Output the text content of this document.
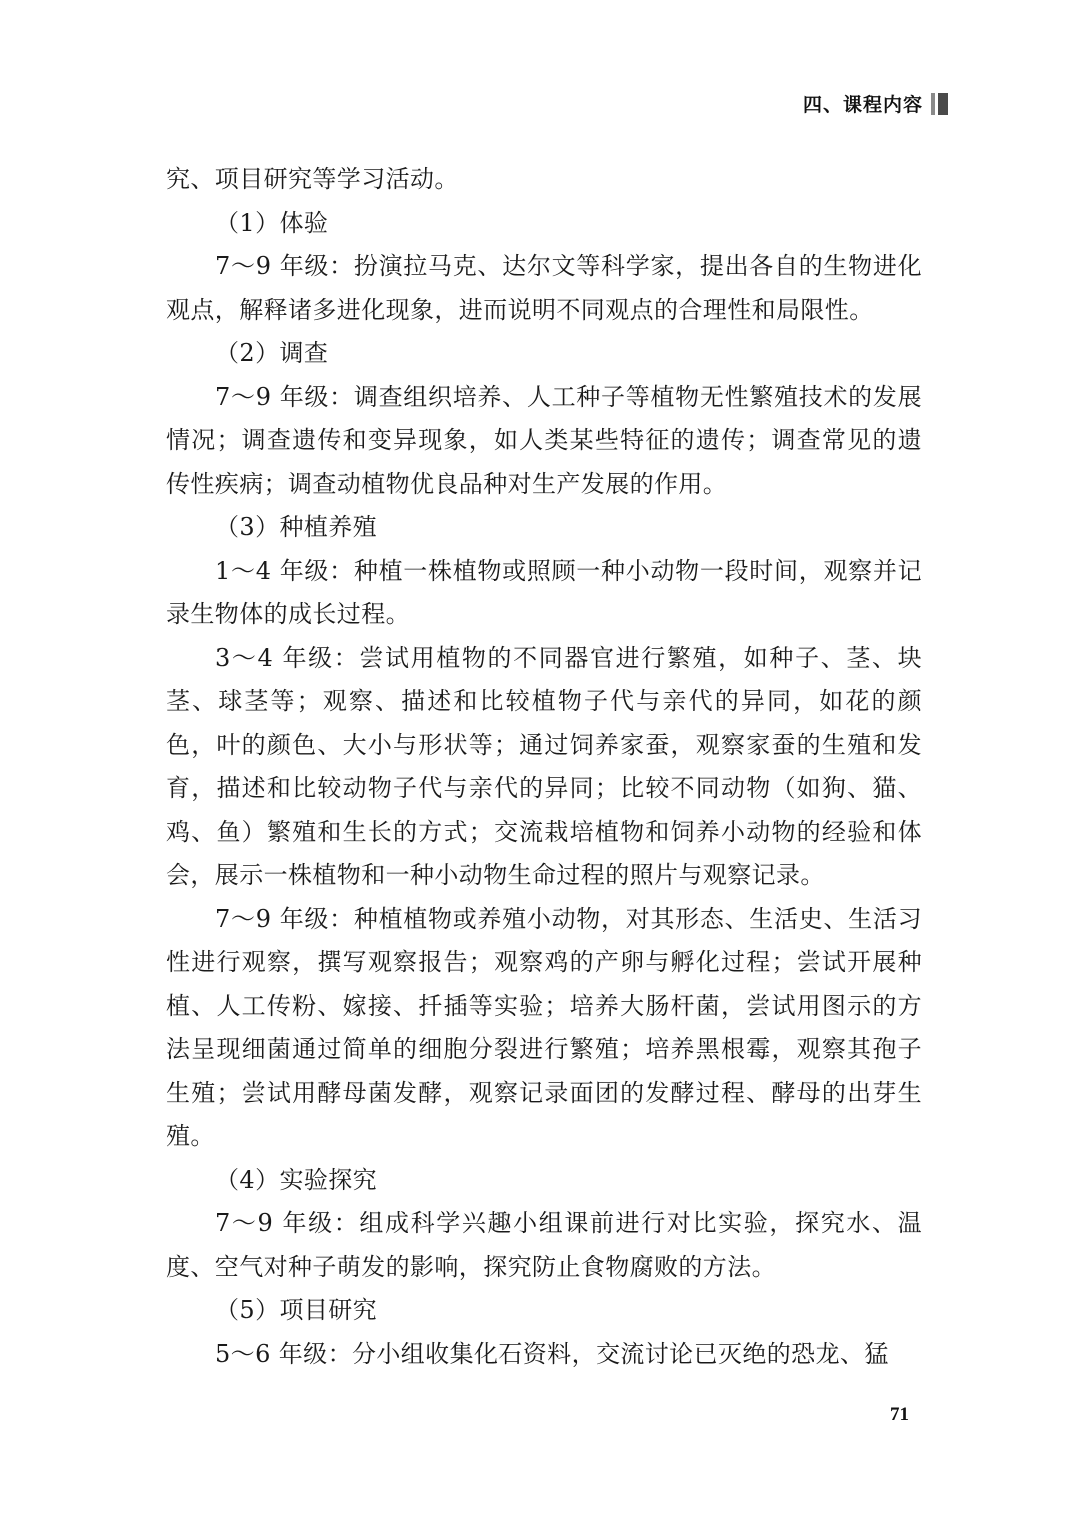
四、课程内容

究、项目研究等学习活动。

（1）体验

7～9 年级：扮演拉马克、达尔文等科学家，提出各自的生物进化观点，解释诸多进化现象，进而说明不同观点的合理性和局限性。

（2）调查

7～9 年级：调查组织培养、人工种子等植物无性繁殖技术的发展情况；调查遗传和变异现象，如人类某些特征的遗传；调查常见的遗传性疾病；调查动植物优良品种对生产发展的作用。

（3）种植养殖

1～4 年级：种植一株植物或照顾一种小动物一段时间，观察并记录生物体的成长过程。

3～4 年级：尝试用植物的不同器官进行繁殖，如种子、茎、块茎、球茎等；观察、描述和比较植物子代与亲代的异同，如花的颜色，叶的颜色、大小与形状等；通过饲养家蚕，观察家蚕的生殖和发育，描述和比较动物子代与亲代的异同；比较不同动物（如狗、猫、鸡、鱼）繁殖和生长的方式；交流栽培植物和饲养小动物的经验和体会，展示一株植物和一种小动物生命过程的照片与观察记录。

7～9 年级：种植植物或养殖小动物，对其形态、生活史、生活习性进行观察，撰写观察报告；观察鸡的产卵与孵化过程；尝试开展种植、人工传粉、嫁接、扦插等实验；培养大肠杆菌，尝试用图示的方法呈现细菌通过简单的细胞分裂进行繁殖；培养黑根霉，观察其孢子生殖；尝试用酵母菌发酵，观察记录面团的发酵过程、酵母的出芽生殖。

（4）实验探究

7～9 年级：组成科学兴趣小组课前进行对比实验，探究水、温度、空气对种子萌发的影响，探究防止食物腐败的方法。

（5）项目研究

5～6 年级：分小组收集化石资料，交流讨论已灭绝的恐龙、猛

71
